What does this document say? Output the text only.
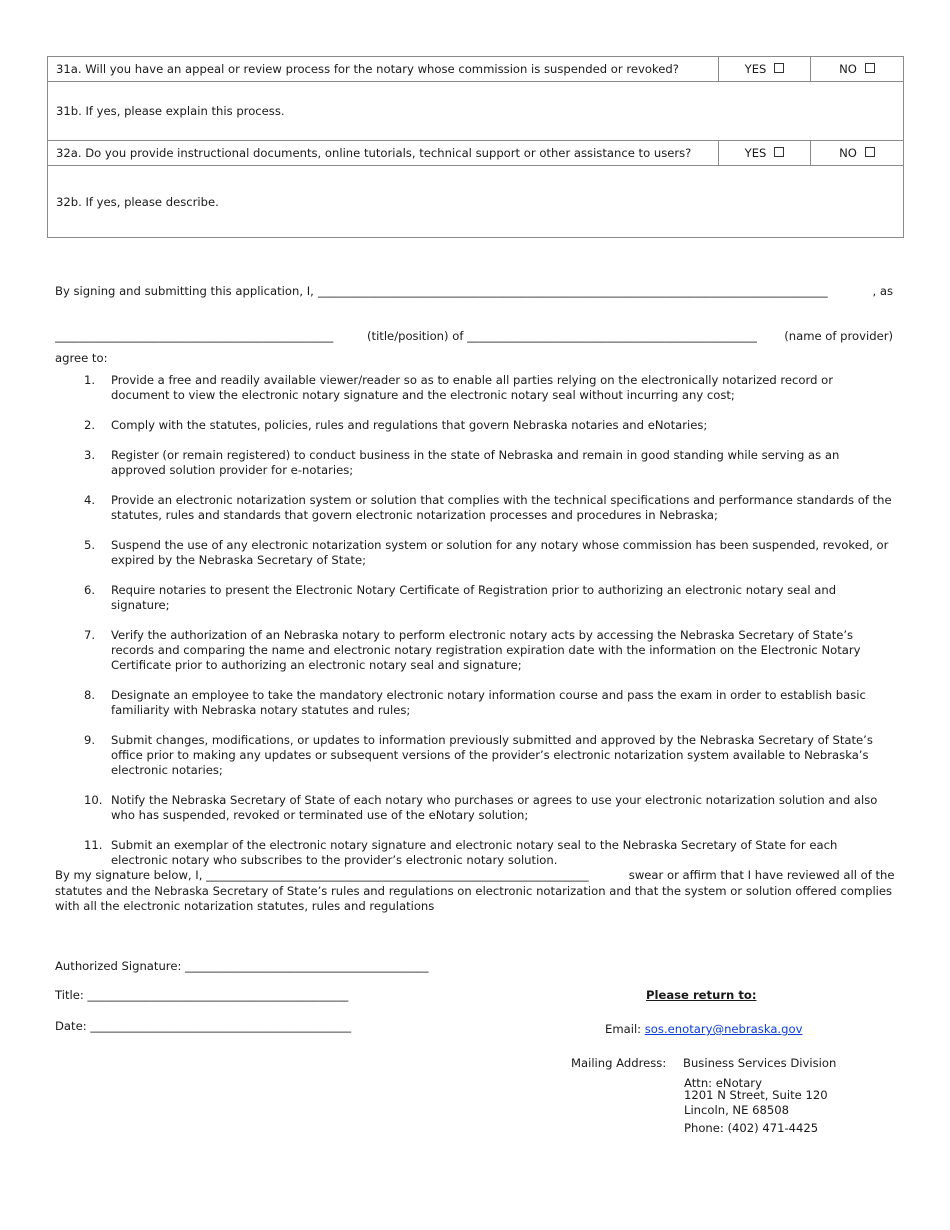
31a. Will you have an appeal or review process for the notary whose commission is suspended or revoked?	YES	NO
31b. If yes, please explain this process.		
32a. Do you provide instructional documents, online tutorials, technical support or other assistance to users?	YES	NO
32b. If yes, please describe.		
By signing and submitting this application, I, ________________________________________________________________________________________	, as
________________________________________________	(title/position) of __________________________________________________	(name of provider)
agree to:
1. Provide a free and readily available viewer/reader so as to enable all parties relying on the electronically notarized record or document to view the electronic notary signature and the electronic notary seal without incurring any cost;
2. Comply with the statutes, policies, rules and regulations that govern Nebraska notaries and eNotaries;
3. Register (or remain registered) to conduct business in the state of Nebraska and remain in good standing while serving as an approved solution provider for e-notaries;
4. Provide an electronic notarization system or solution that complies with the technical specifications and performance standards of the statutes, rules and standards that govern electronic notarization processes and procedures in Nebraska;
5. Suspend the use of any electronic notarization system or solution for any notary whose commission has been suspended, revoked, or expired by the Nebraska Secretary of State;
6. Require notaries to present the Electronic Notary Certificate of Registration prior to authorizing an electronic notary seal and signature;
7. Verify the authorization of an Nebraska notary to perform electronic notary acts by accessing the Nebraska Secretary of State’s records and comparing the name and electronic notary registration expiration date with the information on the Electronic Notary Certificate prior to authorizing an electronic notary seal and signature;
8. Designate an employee to take the mandatory electronic notary information course and pass the exam in order to establish basic familiarity with Nebraska notary statutes and rules;
9. Submit changes, modifications, or updates to information previously submitted and approved by the Nebraska Secretary of State’s office prior to making any updates or subsequent versions of the provider’s electronic notarization system available to Nebraska’s electronic notaries;
10. Notify the Nebraska Secretary of State of each notary who purchases or agrees to use your electronic notarization solution and also who has suspended, revoked or terminated use of the eNotary solution;
11. Submit an exemplar of the electronic notary signature and electronic notary seal to the Nebraska Secretary of State for each electronic notary who subscribes to the provider’s electronic notary solution.
By my signature below, I, __________________________________________________________________	swear or affirm that I have reviewed all of the statutes and the Nebraska Secretary of State’s rules and regulations on electronic notarization and that the system or solution offered complies with all the electronic notarization statutes, rules and regulations
Authorized Signature: __________________________________________
Title: _____________________________________________
Date: _____________________________________________
Please return to:
Email: sos.enotary@nebraska.gov
Mailing Address: Business Services Division
Attn: eNotary
1201 N Street, Suite 120
Lincoln, NE 68508
Phone: (402) 471-4425
